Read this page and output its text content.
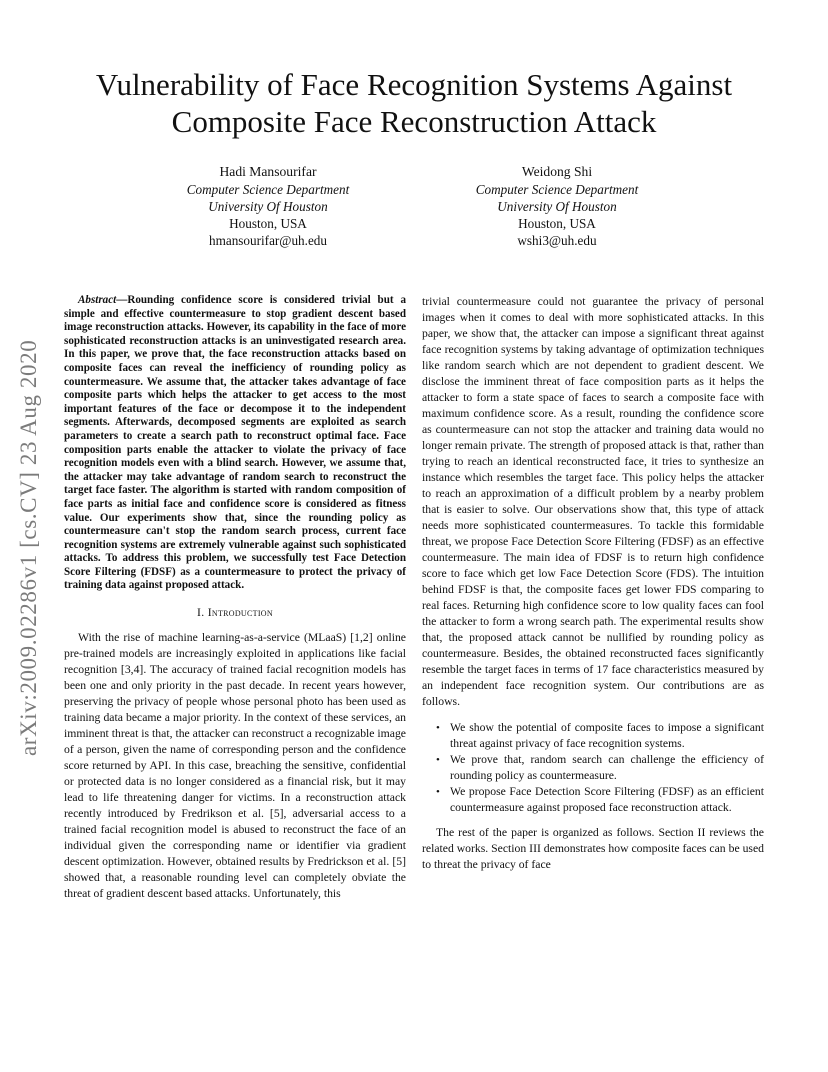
Vulnerability of Face Recognition Systems Against
Composite Face Reconstruction Attack
Hadi Mansourifar
Computer Science Department
University Of Houston
Houston, USA
hmansourifar@uh.edu
Weidong Shi
Computer Science Department
University Of Houston
Houston, USA
wshi3@uh.edu
arXiv:2009.02286v1 [cs.CV] 23 Aug 2020

Abstract—Rounding confidence score is considered trivial but a simple and effective countermeasure to stop gradient descent based image reconstruction attacks. However, its capability in the face of more sophisticated reconstruction attacks is an uninvestigated research area. In this paper, we prove that, the face reconstruction attacks based on composite faces can reveal the inefficiency of rounding policy as countermeasure. We assume that, the attacker takes advantage of face composite parts which helps the attacker to get access to the most important features of the face or decompose it to the independent segments. Afterwards, decomposed segments are exploited as search parameters to create a search path to reconstruct optimal face. Face composition parts enable the attacker to violate the privacy of face recognition models even with a blind search. However, we assume that, the attacker may take advantage of random search to reconstruct the target face faster. The algorithm is started with random composition of face parts as initial face and confidence score is considered as fitness value. Our experiments show that, since the rounding policy as countermeasure can't stop the random search process, current face recognition systems are extremely vulnerable against such sophisticated attacks. To address this problem, we successfully test Face Detection Score Filtering (FDSF) as a countermeasure to protect the privacy of training data against proposed attack.

I. Introduction

With the rise of machine learning-as-a-service (MLaaS) [1,2] online pre-trained models are increasingly exploited in applications like facial recognition [3,4]. The accuracy of trained facial recognition models has been one and only priority in the past decade. In recent years however, preserving the privacy of people whose personal photo has been used as training data became a major priority. In the context of these services, an imminent threat is that, the attacker can reconstruct a recognizable image of a person, given the name of corresponding person and the confidence score returned by API. In this case, breaching the sensitive, confidential or protected data is no longer considered as a financial risk, but it may lead to life threatening danger for victims. In a reconstruction attack recently introduced by Fredrikson et al. [5], adversarial access to a trained facial recognition model is abused to reconstruct the face of an individual given the corresponding name or identifier via gradient descent optimization. However, obtained results by Fredrickson et al. [5] showed that, a reasonable rounding level can completely obviate the threat of gradient descent based attacks. Unfortunately, this

trivial countermeasure could not guarantee the privacy of personal images when it comes to deal with more sophisticated attacks. In this paper, we show that, the attacker can impose a significant threat against face recognition systems by taking advantage of optimization techniques like random search which are not dependent to gradient descent. We disclose the imminent threat of face composition parts as it helps the attacker to form a state space of faces to search a composite face with maximum confidence score. As a result, rounding the confidence score as countermeasure can not stop the attacker and training data would no longer remain private. The strength of proposed attack is that, rather than trying to reach an identical reconstructed face, it tries to synthesize an instance which resembles the target face. This policy helps the attacker to reach an approximation of a difficult problem by a nearby problem that is easier to solve. Our observations show that, this type of attack needs more sophisticated countermeasures. To tackle this formidable threat, we propose Face Detection Score Filtering (FDSF) as an effective countermeasure. The main idea of FDSF is to return high confidence score to face which get low Face Detection Score (FDS). The intuition behind FDSF is that, the composite faces get lower FDS comparing to real faces. Returning high confidence score to low quality faces can fool the attacker to form a wrong search path. The experimental results show that, the proposed attack cannot be nullified by rounding policy as countermeasure. Besides, the obtained reconstructed faces significantly resemble the target faces in terms of 17 face characteristics measured by an independent face recognition system. Our contributions are as follows.

• We show the potential of composite faces to impose a significant threat against privacy of face recognition systems.
• We prove that, random search can challenge the efficiency of rounding policy as countermeasure.
• We propose Face Detection Score Filtering (FDSF) as an efficient countermeasure against proposed face reconstruction attack.

The rest of the paper is organized as follows. Section II reviews the related works. Section III demonstrates how composite faces can be used to threat the privacy of face
